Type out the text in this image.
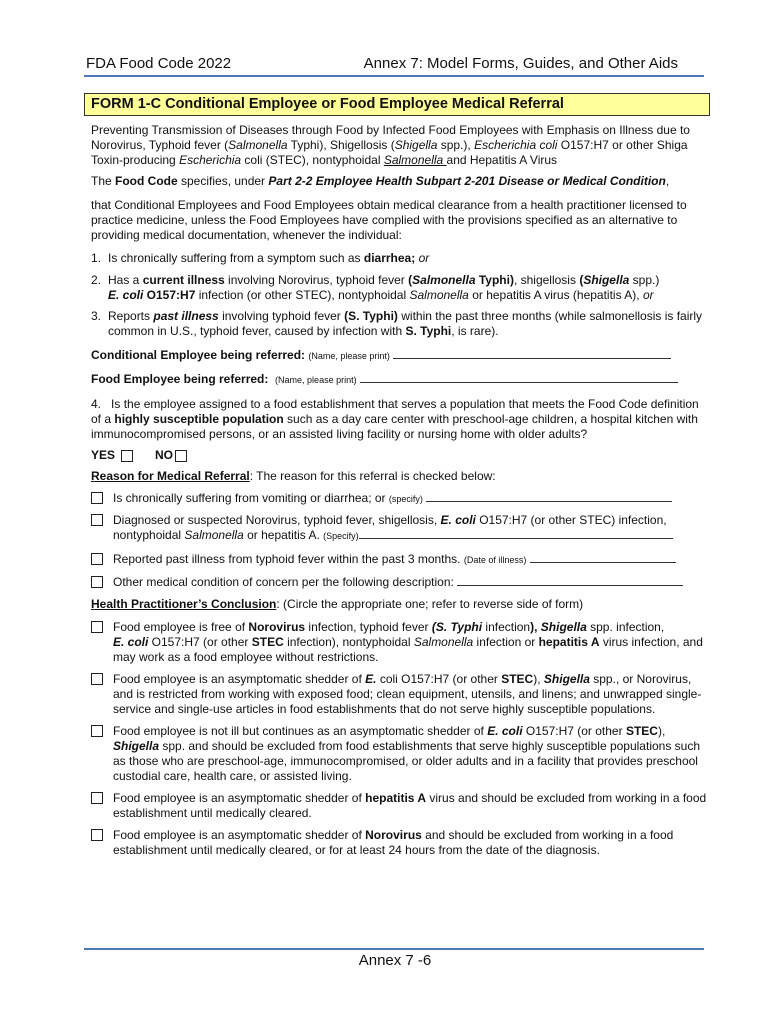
FDA Food Code 2022	Annex 7: Model Forms, Guides, and Other Aids
FORM 1-C Conditional Employee or Food Employee Medical Referral
Preventing Transmission of Diseases through Food by Infected Food Employees with Emphasis on Illness due to Norovirus, Typhoid fever (Salmonella Typhi), Shigellosis (Shigella spp.), Escherichia coli O157:H7 or other Shiga Toxin-producing Escherichia coli (STEC), nontyphoidal Salmonella and Hepatitis A Virus
The Food Code specifies, under Part 2-2 Employee Health Subpart 2-201 Disease or Medical Condition,
that Conditional Employees and Food Employees obtain medical clearance from a health practitioner licensed to practice medicine, unless the Food Employees have complied with the provisions specified as an alternative to providing medical documentation, whenever the individual:
1. Is chronically suffering from a symptom such as diarrhea; or
2. Has a current illness involving Norovirus, typhoid fever (Salmonella Typhi), shigellosis (Shigella spp.)
E. coli O157:H7 infection (or other STEC), nontyphoidal Salmonella or hepatitis A virus (hepatitis A), or
3. Reports past illness involving typhoid fever (S. Typhi) within the past three months (while salmonellosis is fairly common in U.S., typhoid fever, caused by infection with S. Typhi, is rare).
Conditional Employee being referred: (Name, please print)
Food Employee being referred: (Name, please print)
4. Is the employee assigned to a food establishment that serves a population that meets the Food Code definition of a highly susceptible population such as a day care center with preschool-age children, a hospital kitchen with immunocompromised persons, or an assisted living facility or nursing home with older adults?
YES	NO
Reason for Medical Referral: The reason for this referral is checked below:
Is chronically suffering from vomiting or diarrhea; or (specify)
Diagnosed or suspected Norovirus, typhoid fever, shigellosis, E. coli O157:H7 (or other STEC) infection, nontyphoidal Salmonella or hepatitis A. (Specify)
Reported past illness from typhoid fever within the past 3 months. (Date of illness)
Other medical condition of concern per the following description:
Health Practitioner’s Conclusion: (Circle the appropriate one; refer to reverse side of form)
Food employee is free of Norovirus infection, typhoid fever (S. Typhi infection), Shigella spp. infection,
E. coli O157:H7 (or other STEC infection), nontyphoidal Salmonella infection or hepatitis A virus infection, and may work as a food employee without restrictions.
Food employee is an asymptomatic shedder of E. coli O157:H7 (or other STEC), Shigella spp., or Norovirus, and is restricted from working with exposed food; clean equipment, utensils, and linens; and unwrapped single-service and single-use articles in food establishments that do not serve highly susceptible populations.
Food employee is not ill but continues as an asymptomatic shedder of E. coli O157:H7 (or other STEC), Shigella spp. and should be excluded from food establishments that serve highly susceptible populations such as those who are preschool-age, immunocompromised, or older adults and in a facility that provides preschool custodial care, health care, or assisted living.
Food employee is an asymptomatic shedder of hepatitis A virus and should be excluded from working in a food establishment until medically cleared.
Food employee is an asymptomatic shedder of Norovirus and should be excluded from working in a food establishment until medically cleared, or for at least 24 hours from the date of the diagnosis.
Annex 7 -6
